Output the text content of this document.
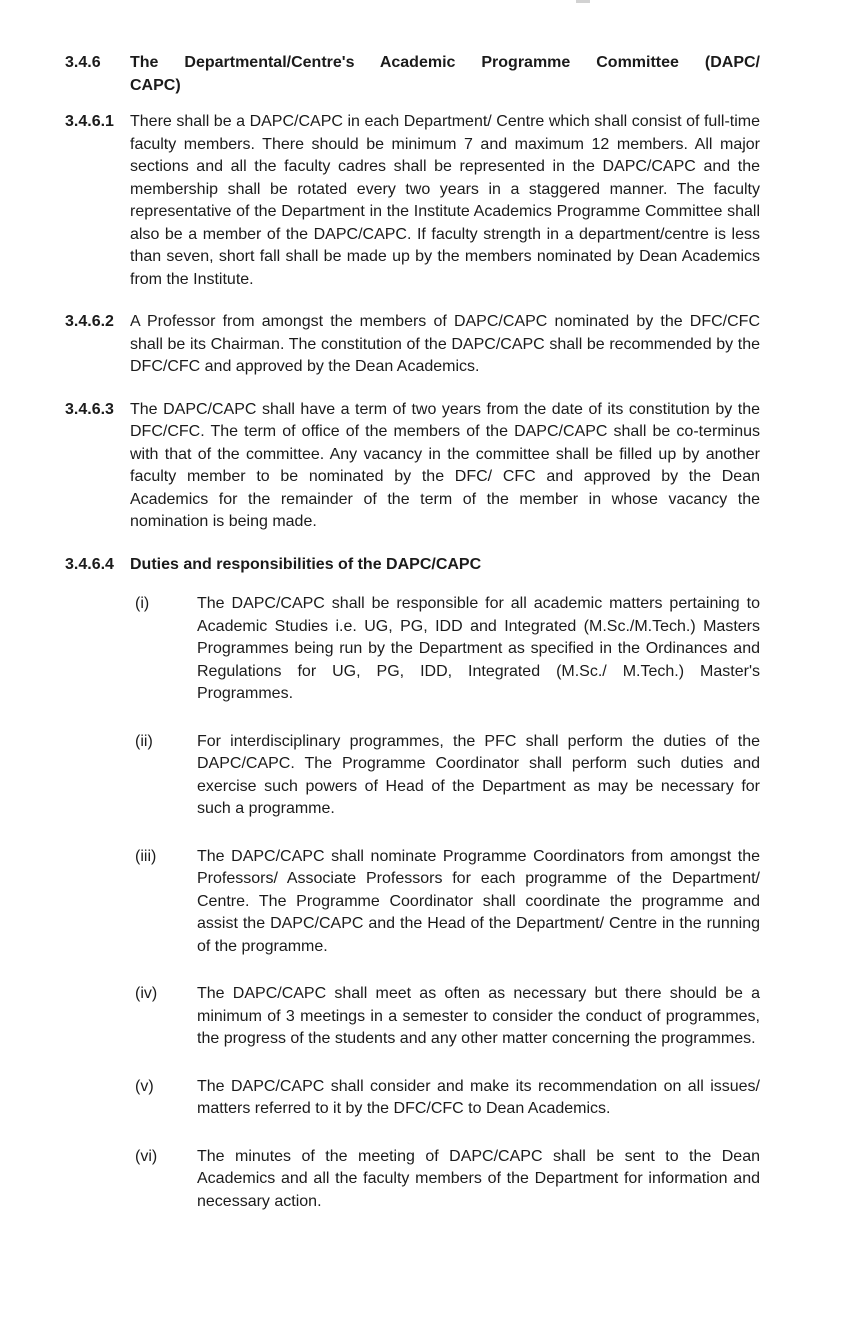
3.4.6	The Departmental/Centre's Academic Programme Committee (DAPC/ CAPC)
3.4.6.1	There shall be a DAPC/CAPC in each Department/ Centre which shall consist of full-time faculty members. There should be minimum 7 and maximum 12 members. All major sections and all the faculty cadres shall be represented in the DAPC/CAPC and the membership shall be rotated every two years in a staggered manner. The faculty representative of the Department in the Institute Academics Programme Committee shall also be a member of the DAPC/CAPC. If faculty strength in a department/centre is less than seven, short fall shall be made up by the members nominated by Dean Academics from the Institute.
3.4.6.2	A Professor from amongst the members of DAPC/CAPC nominated by the DFC/CFC shall be its Chairman. The constitution of the DAPC/CAPC shall be recommended by the DFC/CFC and approved by the Dean Academics.
3.4.6.3	The DAPC/CAPC shall have a term of two years from the date of its constitution by the DFC/CFC. The term of office of the members of the DAPC/CAPC shall be co-terminus with that of the committee. Any vacancy in the committee shall be filled up by another faculty member to be nominated by the DFC/ CFC and approved by the Dean Academics for the remainder of the term of the member in whose vacancy the nomination is being made.
3.4.6.4	Duties and responsibilities of the DAPC/CAPC
(i)	The DAPC/CAPC shall be responsible for all academic matters pertaining to Academic Studies i.e. UG, PG, IDD and Integrated (M.Sc./M.Tech.) Masters Programmes being run by the Department as specified in the Ordinances and Regulations for UG, PG, IDD, Integrated (M.Sc./ M.Tech.) Master's Programmes.
(ii)	For interdisciplinary programmes, the PFC shall perform the duties of the DAPC/CAPC. The Programme Coordinator shall perform such duties and exercise such powers of Head of the Department as may be necessary for such a programme.
(iii)	The DAPC/CAPC shall nominate Programme Coordinators from amongst the Professors/ Associate Professors for each programme of the Department/ Centre. The Programme Coordinator shall coordinate the programme and assist the DAPC/CAPC and the Head of the Department/ Centre in the running of the programme.
(iv)	The DAPC/CAPC shall meet as often as necessary but there should be a minimum of 3 meetings in a semester to consider the conduct of programmes, the progress of the students and any other matter concerning the programmes.
(v)	The DAPC/CAPC shall consider and make its recommendation on all issues/ matters referred to it by the DFC/CFC to Dean Academics.
(vi)	The minutes of the meeting of DAPC/CAPC shall be sent to the Dean Academics and all the faculty members of the Department for information and necessary action.
